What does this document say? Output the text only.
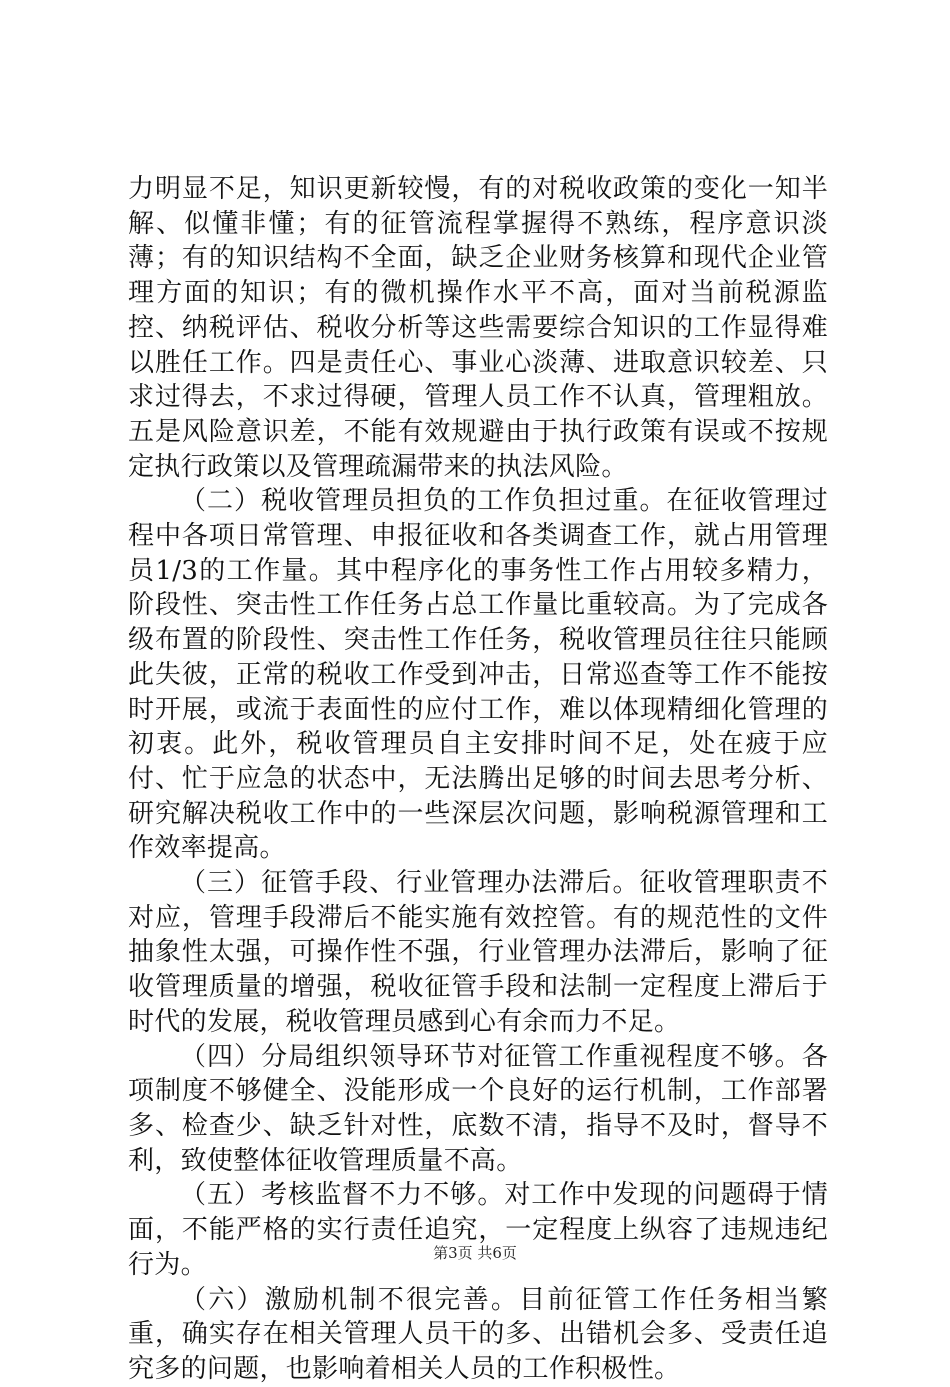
力明显不足，知识更新较慢，有的对税收政策的变化一知半解、似懂非懂；有的征管流程掌握得不熟练，程序意识淡薄；有的知识结构不全面，缺乏企业财务核算和现代企业管理方面的知识；有的微机操作水平不高，面对当前税源监控、纳税评估、税收分析等这些需要综合知识的工作显得难以胜任工作。四是责任心、事业心淡薄、进取意识较差、只求过得去，不求过得硬，管理人员工作不认真，管理粗放。五是风险意识差，不能有效规避由于执行政策有误或不按规定执行政策以及管理疏漏带来的执法风险。

（二）税收管理员担负的工作负担过重。在征收管理过程中各项日常管理、申报征收和各类调查工作，就占用管理员1/3的工作量。其中程序化的事务性工作占用较多精力，阶段性、突击性工作任务占总工作量比重较高。为了完成各级布置的阶段性、突击性工作任务，税收管理员往往只能顾此失彼，正常的税收工作受到冲击，日常巡查等工作不能按时开展，或流于表面性的应付工作，难以体现精细化管理的初衷。此外，税收管理员自主安排时间不足，处在疲于应付、忙于应急的状态中，无法腾出足够的时间去思考分析、研究解决税收工作中的一些深层次问题，影响税源管理和工作效率提高。

（三）征管手段、行业管理办法滞后。征收管理职责不对应，管理手段滞后不能实施有效控管。有的规范性的文件抽象性太强，可操作性不强，行业管理办法滞后，影响了征收管理质量的增强，税收征管手段和法制一定程度上滞后于时代的发展，税收管理员感到心有余而力不足。

（四）分局组织领导环节对征管工作重视程度不够。各项制度不够健全、没能形成一个良好的运行机制，工作部署多、检查少、缺乏针对性，底数不清，指导不及时，督导不利，致使整体征收管理质量不高。

（五）考核监督不力不够。对工作中发现的问题碍于情面，不能严格的实行责任追究，一定程度上纵容了违规违纪行为。

（六）激励机制不很完善。目前征管工作任务相当繁重，确实存在相关管理人员干的多、出错机会多、受责任追究多的问题，也影响着相关人员的工作积极性。

第3页 共6页
